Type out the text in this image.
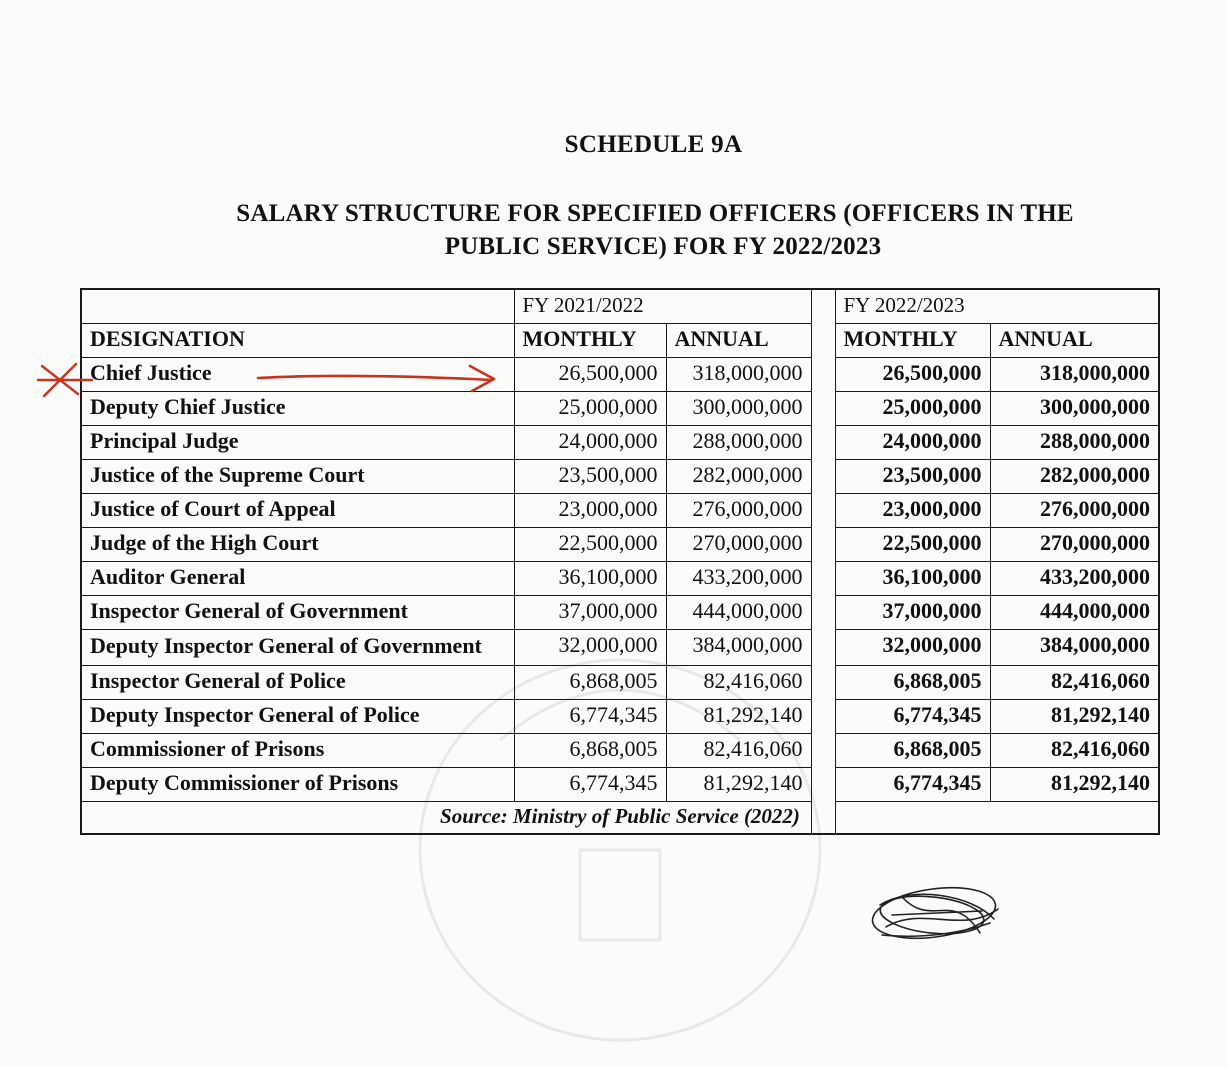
SCHEDULE 9A
SALARY STRUCTURE FOR SPECIFIED OFFICERS (OFFICERS IN THE
PUBLIC SERVICE) FOR FY 2022/2023
	FY 2021/2022			FY 2022/2023	
DESIGNATION	MONTHLY	ANNUAL		MONTHLY	ANNUAL
Chief Justice	26,500,000	318,000,000		26,500,000	318,000,000
Deputy Chief Justice	25,000,000	300,000,000		25,000,000	300,000,000
Principal Judge	24,000,000	288,000,000		24,000,000	288,000,000
Justice of the Supreme Court	23,500,000	282,000,000		23,500,000	282,000,000
Justice of Court of Appeal	23,000,000	276,000,000		23,000,000	276,000,000
Judge of the High Court	22,500,000	270,000,000		22,500,000	270,000,000
Auditor General	36,100,000	433,200,000		36,100,000	433,200,000
Inspector General of Government	37,000,000	444,000,000		37,000,000	444,000,000
Deputy Inspector General of Government	32,000,000	384,000,000		32,000,000	384,000,000
Inspector General of Police	6,868,005	82,416,060		6,868,005	82,416,060
Deputy Inspector General of Police	6,774,345	81,292,140		6,774,345	81,292,140
Commissioner of Prisons	6,868,005	82,416,060		6,868,005	82,416,060
Deputy Commissioner of Prisons	6,774,345	81,292,140		6,774,345	81,292,140
Source: Ministry of Public Service (2022)					
